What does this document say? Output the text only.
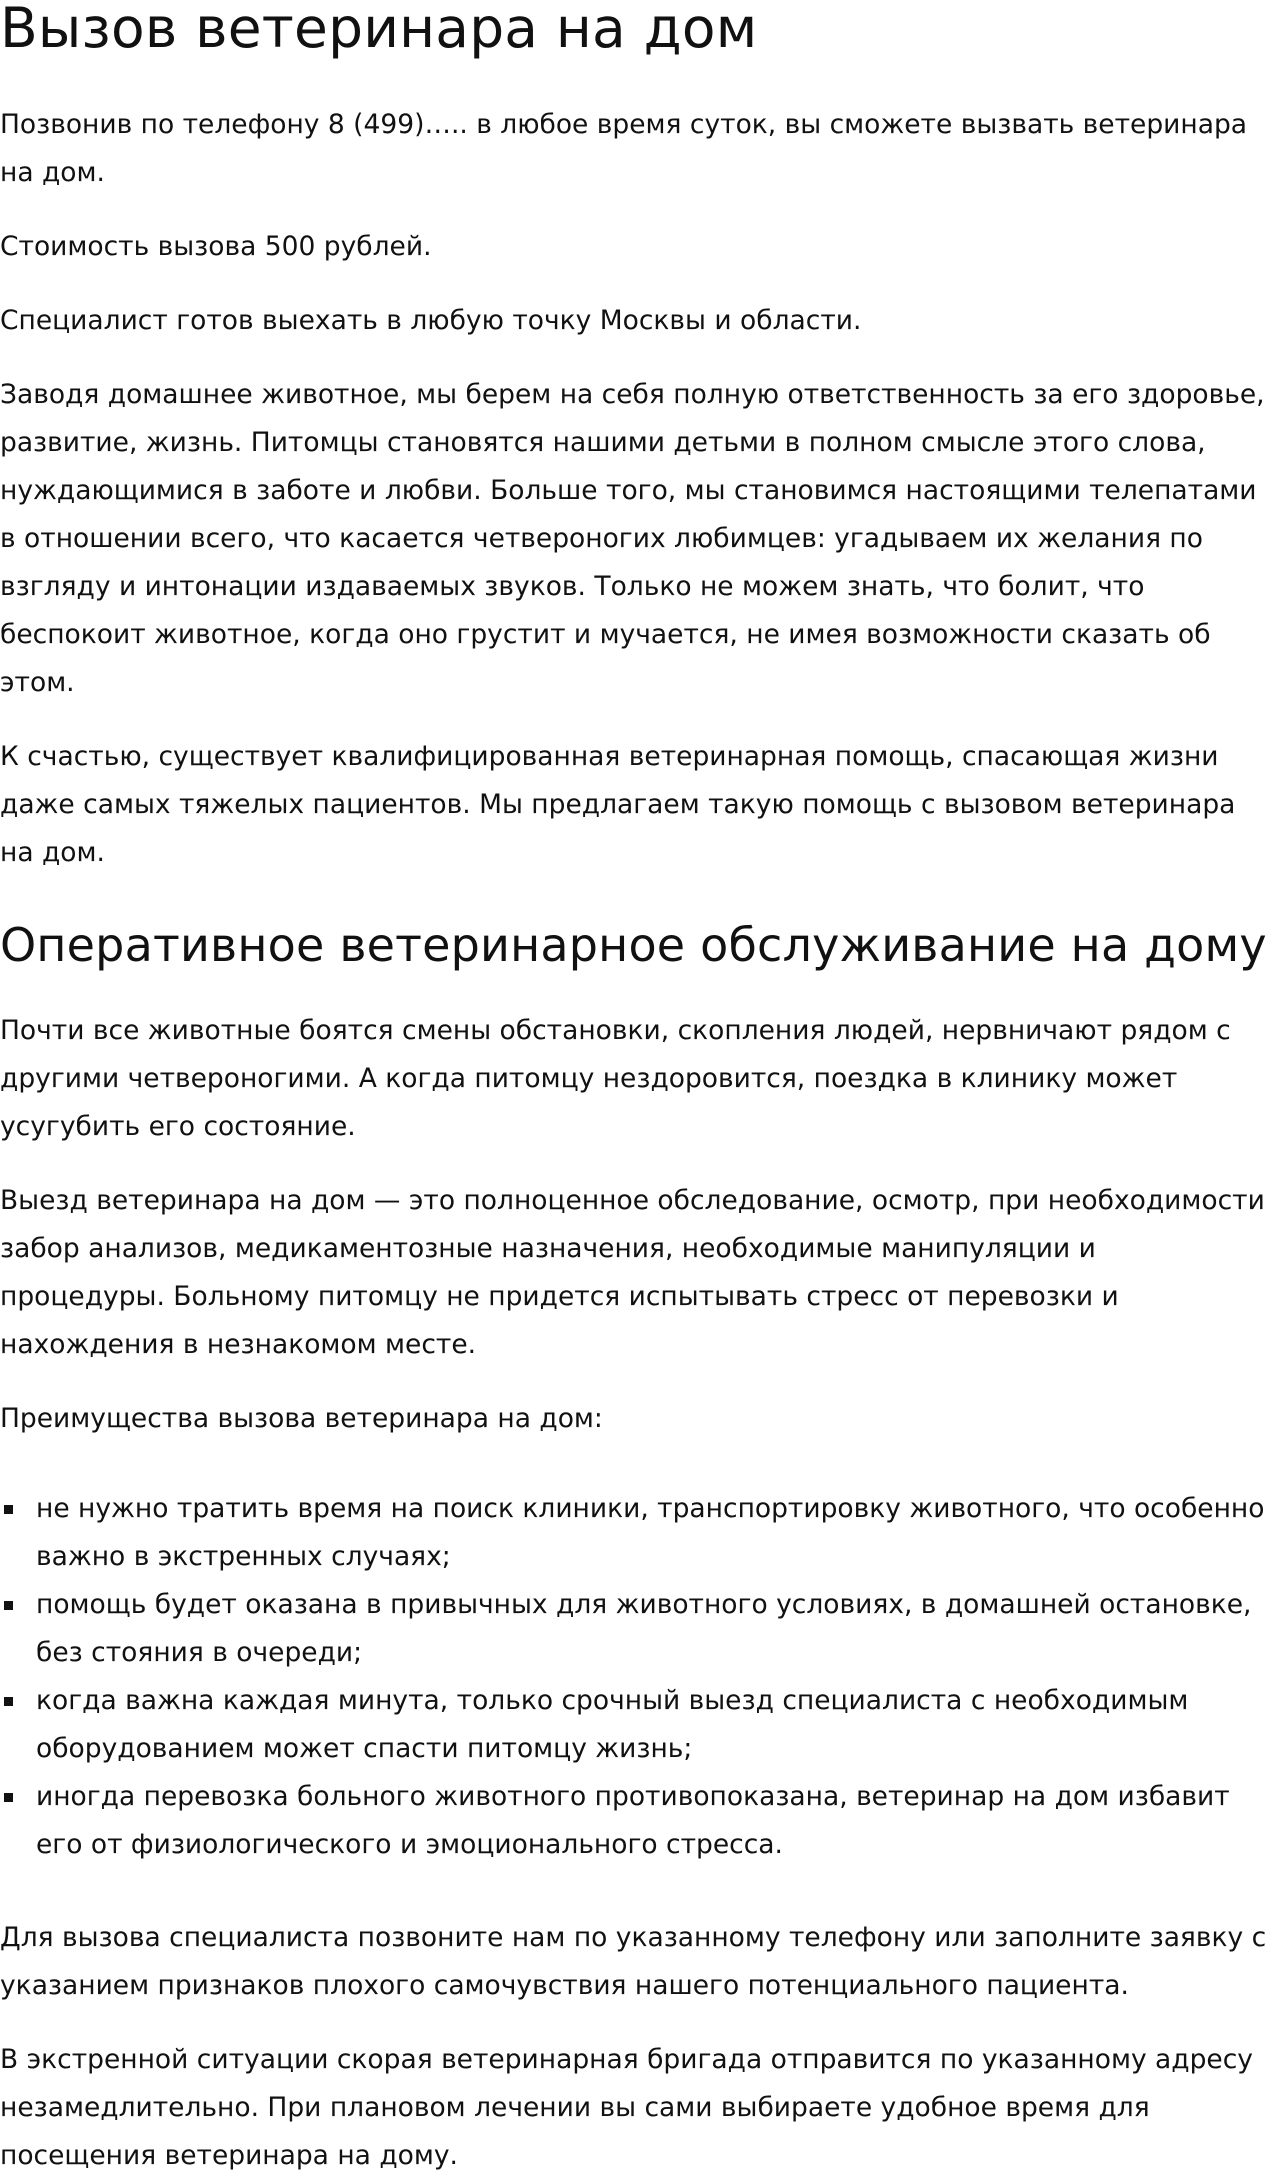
Вызов ветеринара на дом

Позвонив по телефону 8 (499)….. в любое время суток, вы сможете вызвать ветеринара на дом.

Стоимость вызова 500 рублей.

Специалист готов выехать в любую точку Москвы и области.

Заводя домашнее животное, мы берем на себя полную ответственность за его здоровье, развитие, жизнь. Питомцы становятся нашими детьми в полном смысле этого слова, нуждающимися в заботе и любви. Больше того, мы становимся настоящими телепатами в отношении всего, что касается четвероногих любимцев: угадываем их желания по взгляду и интонации издаваемых звуков. Только не можем знать, что болит, что беспокоит животное, когда оно грустит и мучается, не имея возможности сказать об этом.

К счастью, существует квалифицированная ветеринарная помощь, спасающая жизни даже самых тяжелых пациентов. Мы предлагаем такую помощь с вызовом ветеринара на дом.

Оперативное ветеринарное обслуживание на дому

Почти все животные боятся смены обстановки, скопления людей, нервничают рядом с другими четвероногими. А когда питомцу нездоровится, поездка в клинику может усугубить его состояние.

Выезд ветеринара на дом — это полноценное обследование, осмотр, при необходимости забор анализов, медикаментозные назначения, необходимые манипуляции и процедуры. Больному питомцу не придется испытывать стресс от перевозки и нахождения в незнакомом месте.

Преимущества вызова ветеринара на дом:

не нужно тратить время на поиск клиники, транспортировку животного, что особенно важно в экстренных случаях;
помощь будет оказана в привычных для животного условиях, в домашней остановке, без стояния в очереди;
когда важна каждая минута, только срочный выезд специалиста с необходимым оборудованием может спасти питомцу жизнь;
иногда перевозка больного животного противопоказана, ветеринар на дом избавит его от физиологического и эмоционального стресса.

Для вызова специалиста позвоните нам по указанному телефону или заполните заявку с указанием признаков плохого самочувствия нашего потенциального пациента.

В экстренной ситуации скорая ветеринарная бригада отправится по указанному адресу незамедлительно. При плановом лечении вы сами выбираете удобное время для посещения ветеринара на дому.
